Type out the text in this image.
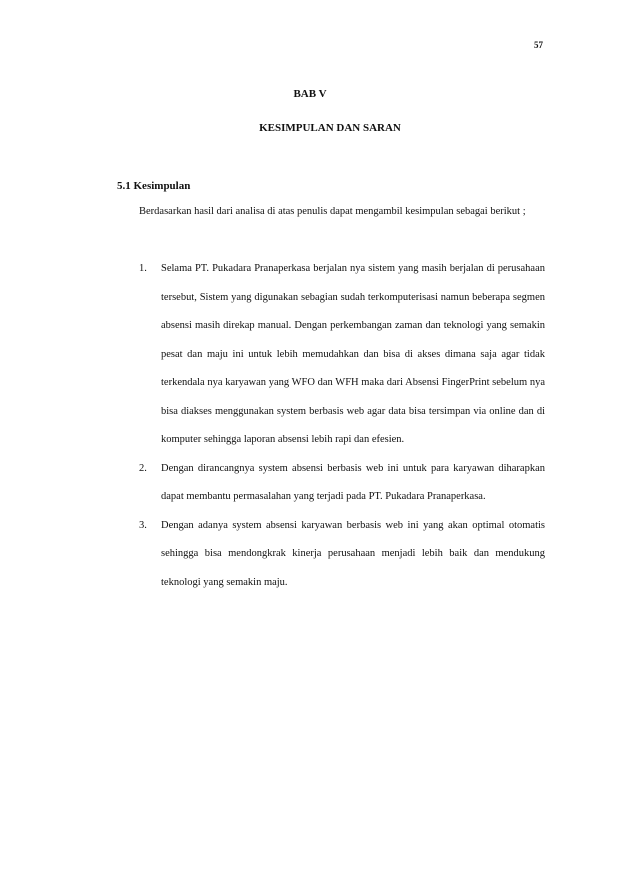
57
BAB V
KESIMPULAN DAN SARAN
5.1 Kesimpulan

Berdasarkan hasil dari analisa di atas penulis dapat mengambil kesimpulan sebagai berikut ;

1. Selama PT. Pukadara Pranaperkasa berjalan nya sistem yang masih berjalan di perusahaan tersebut, Sistem yang digunakan sebagian sudah terkomputerisasi namun beberapa segmen absensi masih direkap manual. Dengan perkembangan zaman dan teknologi yang semakin pesat dan maju ini untuk lebih memudahkan dan bisa di akses dimana saja agar tidak terkendala nya karyawan yang WFO dan WFH maka dari Absensi FingerPrint sebelum nya bisa diakses menggunakan system berbasis web agar data bisa tersimpan via online dan di komputer sehingga laporan absensi lebih rapi dan efesien.
2. Dengan dirancangnya system absensi berbasis web ini untuk para karyawan diharapkan dapat membantu permasalahan yang terjadi pada PT. Pukadara Pranaperkasa.
3. Dengan adanya system absensi karyawan berbasis web ini yang akan optimal otomatis sehingga bisa mendongkrak kinerja perusahaan menjadi lebih baik dan mendukung teknologi yang semakin maju.
